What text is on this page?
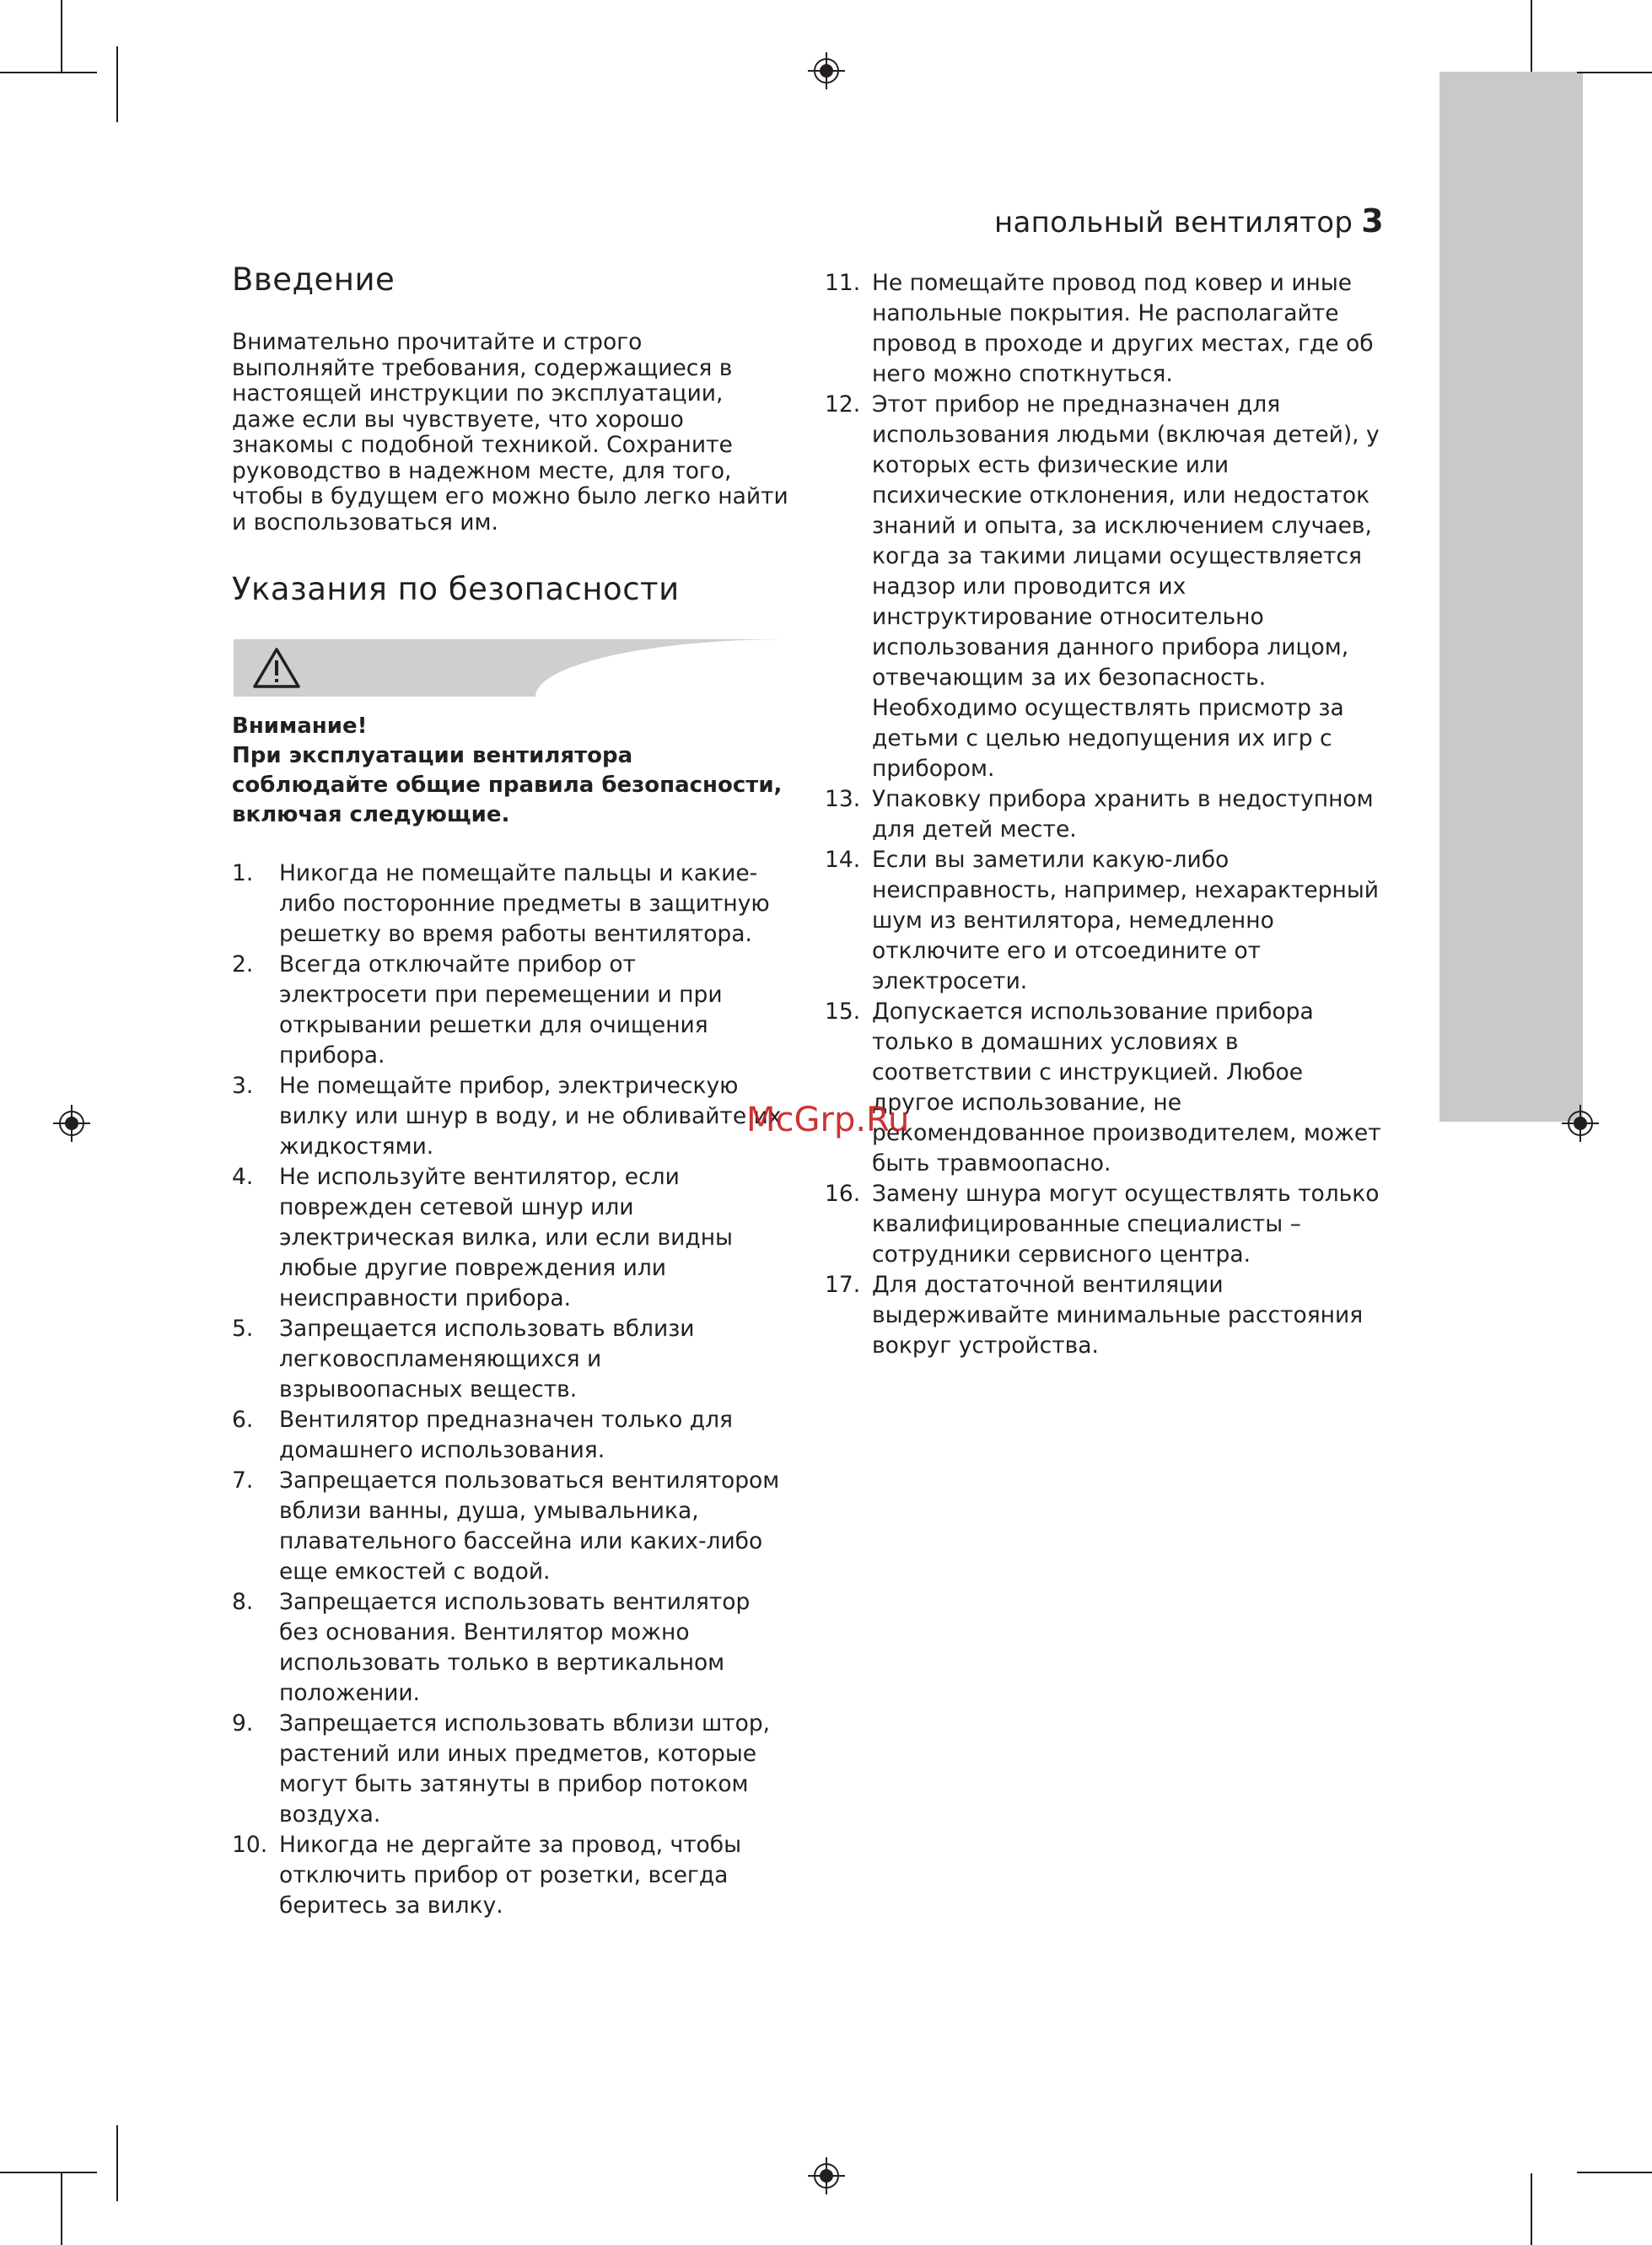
напольный вентилятор 3
Введение
Внимательно прочитайте и строго выполняйте требования, содержащиеся в настоящей инструкции по эксплуатации, даже если вы чувствуете, что хорошо знакомы с подобной техникой. Сохраните руководство в надежном месте, для того, чтобы в будущем его можно было легко найти и воспользоваться им.
Указания по безопасности
Внимание!
При эксплуатации вентилятора соблюдайте общие правила безопасности, включая следующие.
1. Никогда не помещайте пальцы и какие-либо посторонние предметы в защитную решетку во время работы вентилятора.
2. Всегда отключайте прибор от электросети при перемещении и при открывании решетки для очищения прибора.
3. Не помещайте прибор, электрическую вилку или шнур в воду, и не обливайте их жидкостями.
4. Не используйте вентилятор, если поврежден сетевой шнур или электрическая вилка, или если видны любые другие повреждения или неисправности прибора.
5. Запрещается использовать вблизи легковоспламеняющихся и взрывоопасных веществ.
6. Вентилятор предназначен только для домашнего использования.
7. Запрещается пользоваться вентилятором вблизи ванны, душа, умывальника, плавательного бассейна или каких-либо еще емкостей с водой.
8. Запрещается использовать вентилятор без основания. Вентилятор можно использовать только в вертикальном положении.
9. Запрещается использовать вблизи штор, растений или иных предметов, которые могут быть затянуты в прибор потоком воздуха.
10. Никогда не дергайте за провод, чтобы отключить прибор от розетки, всегда беритесь за вилку.
11. Не помещайте провод под ковер и иные напольные покрытия. Не располагайте провод в проходе и других местах, где об него можно споткнуться.
12. Этот прибор не предназначен для использования людьми (включая детей), у которых есть физические или психические отклонения, или недостаток знаний и опыта, за исключением случаев, когда за такими лицами осуществляется надзор или проводится их инструктирование относительно использования данного прибора лицом, отвечающим за их безопасность. Необходимо осуществлять присмотр за детьми с целью недопущения их игр с прибором.
13. Упаковку прибора хранить в недоступном для детей месте.
14. Если вы заметили какую-либо неисправность, например, нехарактерный шум из вентилятора, немедленно отключите его и отсоедините от электросети.
15. Допускается использование прибора только в домашних условиях в соответствии с инструкцией. Любое другое использование, не рекомендованное производителем, может быть травмоопасно.
16. Замену шнура могут осуществлять только квалифицированные специалисты – сотрудники сервисного центра.
17. Для достаточной вентиляции выдерживайте минимальные расстояния вокруг устройства.
McGrp.Ru
